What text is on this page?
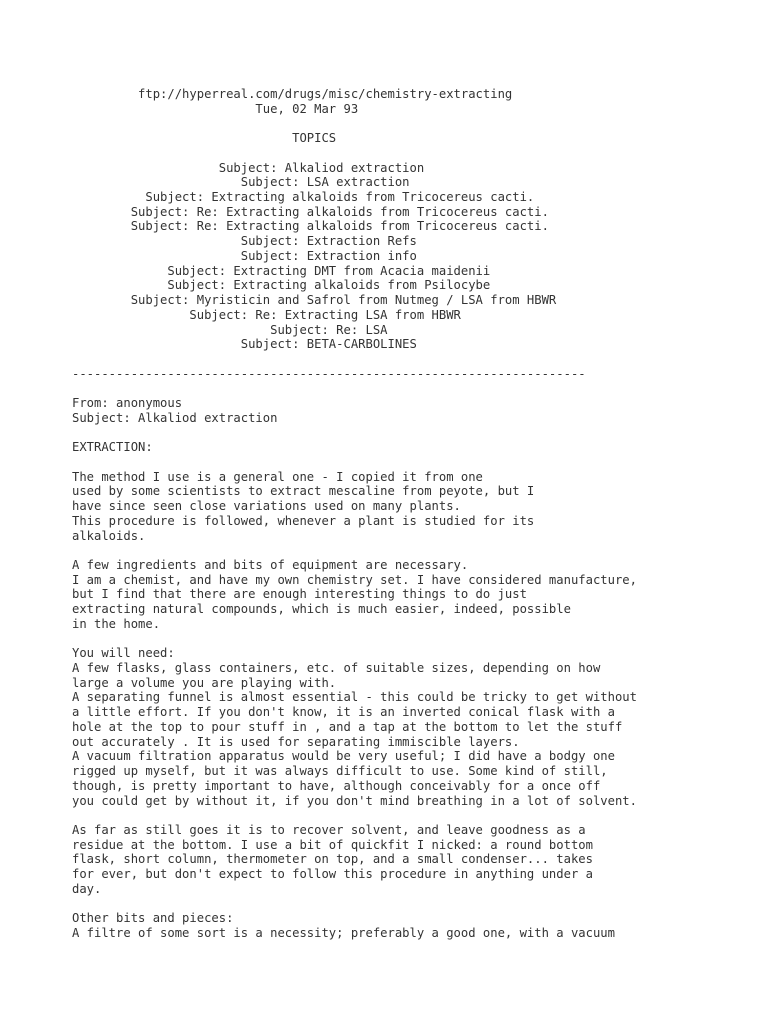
ftp://hyperreal.com/drugs/misc/chemistry-extracting
Tue, 02 Mar 93
TOPICS
Subject: Alkaliod extraction
Subject: LSA extraction
Subject: Extracting alkaloids from Tricocereus cacti.
Subject: Re: Extracting alkaloids from Tricocereus cacti.
Subject: Re: Extracting alkaloids from Tricocereus cacti.
Subject: Extraction Refs
Subject: Extraction info
Subject: Extracting DMT from Acacia maidenii
Subject: Extracting alkaloids from Psilocybe
Subject: Myristicin and Safrol from Nutmeg / LSA from HBWR
Subject: Re: Extracting LSA from HBWR
Subject: Re: LSA
Subject: BETA-CARBOLINES
----------------------------------------------------------------------
From: anonymous
Subject: Alkaliod extraction
EXTRACTION:
The method I use is a general one - I copied it from one
used by some scientists to extract mescaline from peyote, but I
have since seen close variations used on many plants.
This procedure is followed, whenever a plant is studied for its
alkaloids.
A few ingredients and bits of equipment are necessary.
I am a chemist, and have my own chemistry set. I have considered manufacture,
but I find that there are enough interesting things to do just
extracting natural compounds, which is much easier, indeed, possible
in the home.
You will need:
A few flasks, glass containers, etc. of suitable sizes, depending on how
large a volume you are playing with.
A separating funnel is almost essential - this could be tricky to get without
a little effort. If you don't know, it is an inverted conical flask with a
hole at the top to pour stuff in , and a tap at the bottom to let the stuff
out accurately . It is used for separating immiscible layers.
A vacuum filtration apparatus would be very useful; I did have a bodgy one
rigged up myself, but it was always difficult to use. Some kind of still,
though, is pretty important to have, although conceivably for a once off
you could get by without it, if you don't mind breathing in a lot of solvent.
As far as still goes it is to recover solvent, and leave goodness as a
residue at the bottom. I use a bit of quickfit I nicked: a round bottom
flask, short column, thermometer on top, and a small condenser... takes
for ever, but don't expect to follow this procedure in anything under a
day.
Other bits and pieces:
A filtre of some sort is a necessity; preferably a good one, with a vacuum
